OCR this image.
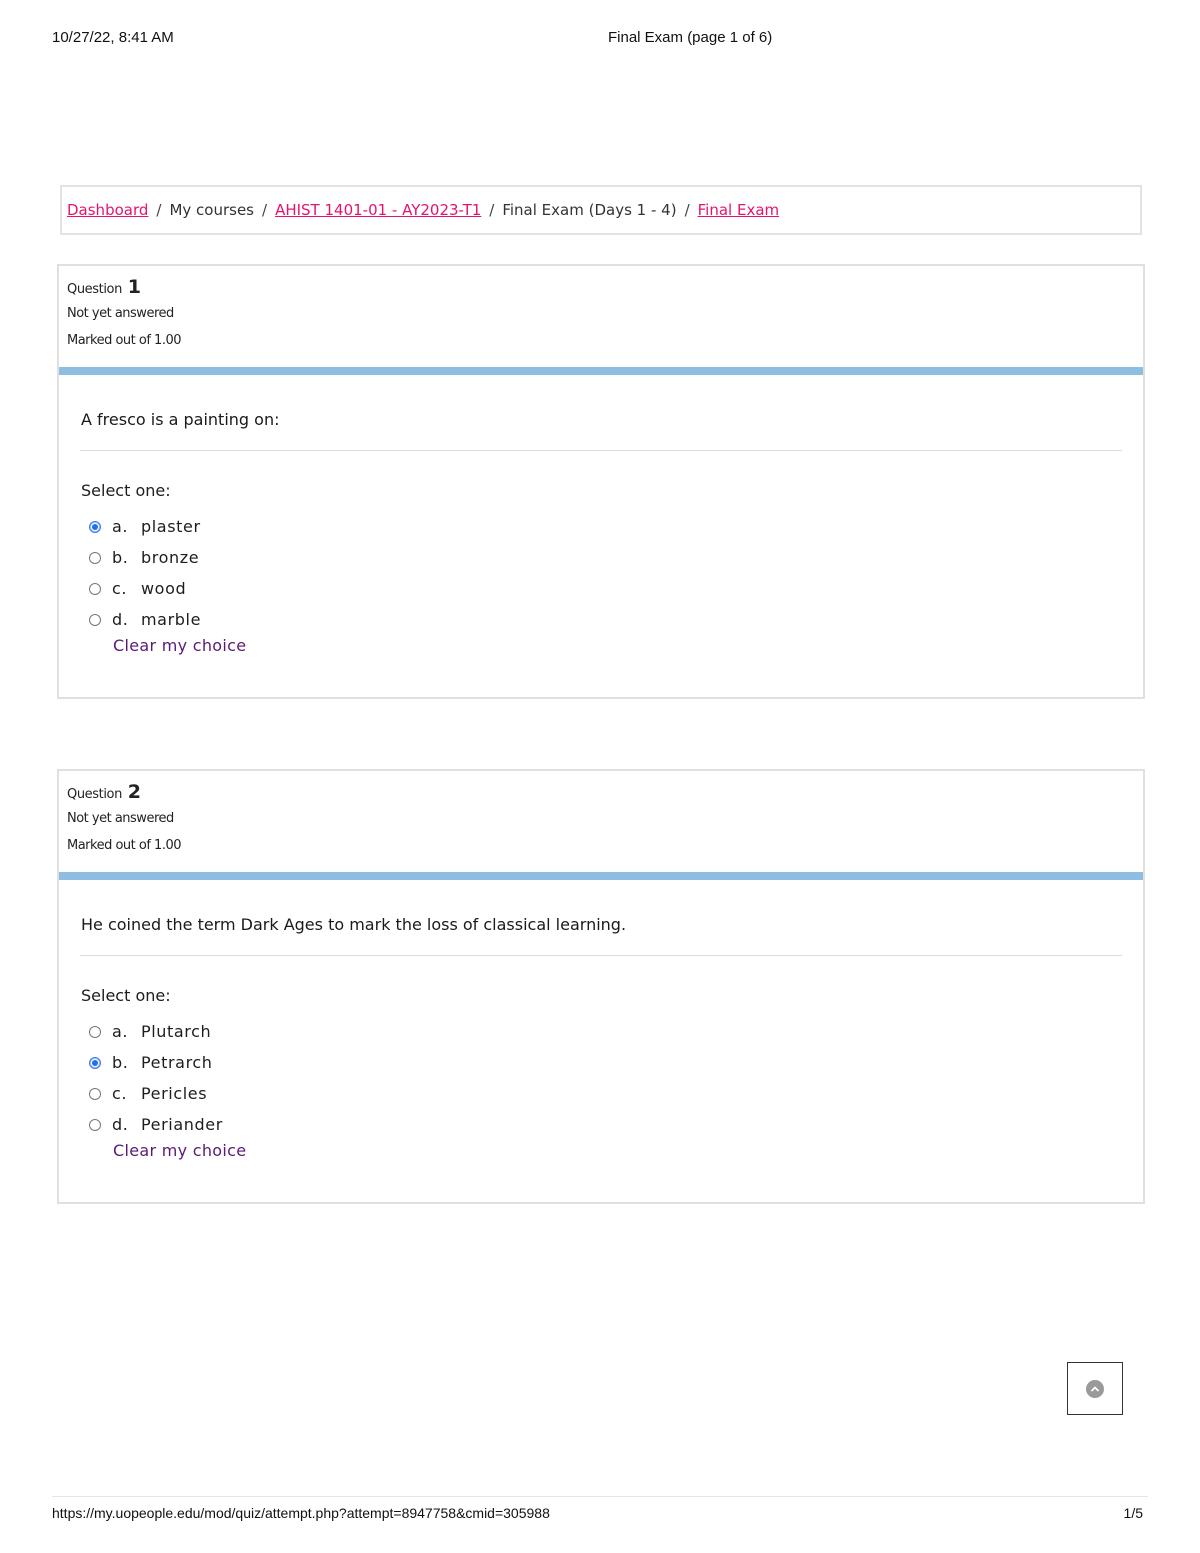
10/27/22, 8:41 AM	Final Exam (page 1 of 6)
Dashboard / My courses / AHIST 1401-01 - AY2023-T1 / Final Exam (Days 1 - 4) / Final Exam
Question 1
Not yet answered
Marked out of 1.00
A fresco is a painting on:
Select one:
a. plaster
b. bronze
c. wood
d. marble
Clear my choice
Question 2
Not yet answered
Marked out of 1.00
He coined the term Dark Ages to mark the loss of classical learning.
Select one:
a. Plutarch
b. Petrarch
c. Pericles
d. Periander
Clear my choice
https://my.uopeople.edu/mod/quiz/attempt.php?attempt=8947758&cmid=305988	1/5
